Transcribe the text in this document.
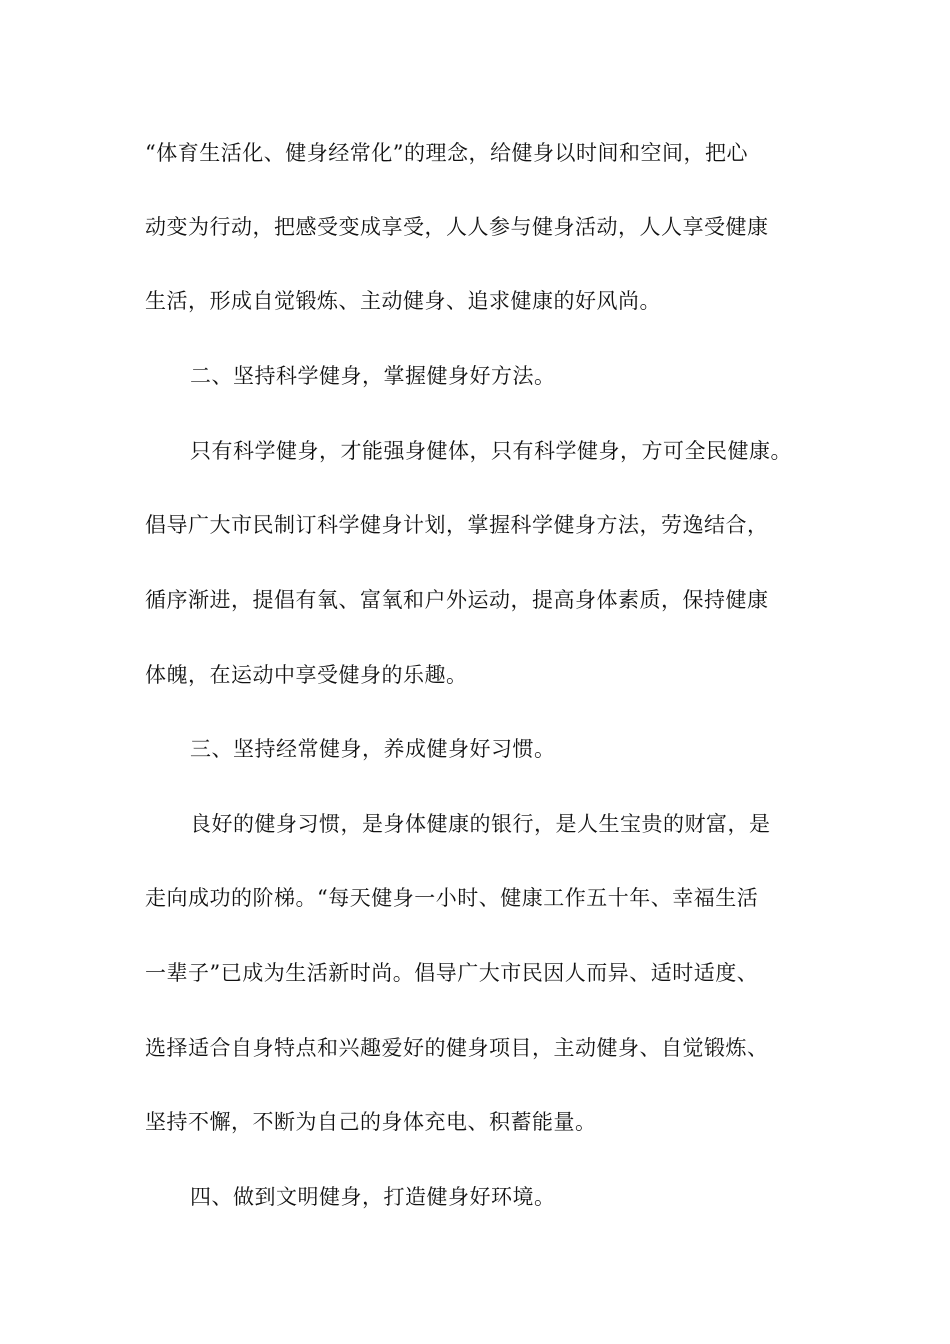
“体育生活化、健身经常化”的理念，给健身以时间和空间，把心
动变为行动，把感受变成享受，人人参与健身活动，人人享受健康
生活，形成自觉锻炼、主动健身、追求健康的好风尚。
二、坚持科学健身，掌握健身好方法。
只有科学健身，才能强身健体，只有科学健身，方可全民健康。
倡导广大市民制订科学健身计划，掌握科学健身方法，劳逸结合，
循序渐进，提倡有氧、富氧和户外运动，提高身体素质，保持健康
体魄，在运动中享受健身的乐趣。
三、坚持经常健身，养成健身好习惯。
良好的健身习惯，是身体健康的银行，是人生宝贵的财富，是
走向成功的阶梯。“每天健身一小时、健康工作五十年、幸福生活
一辈子”已成为生活新时尚。倡导广大市民因人而异、适时适度、
选择适合自身特点和兴趣爱好的健身项目，主动健身、自觉锻炼、
坚持不懈，不断为自己的身体充电、积蓄能量。
四、做到文明健身，打造健身好环境。
